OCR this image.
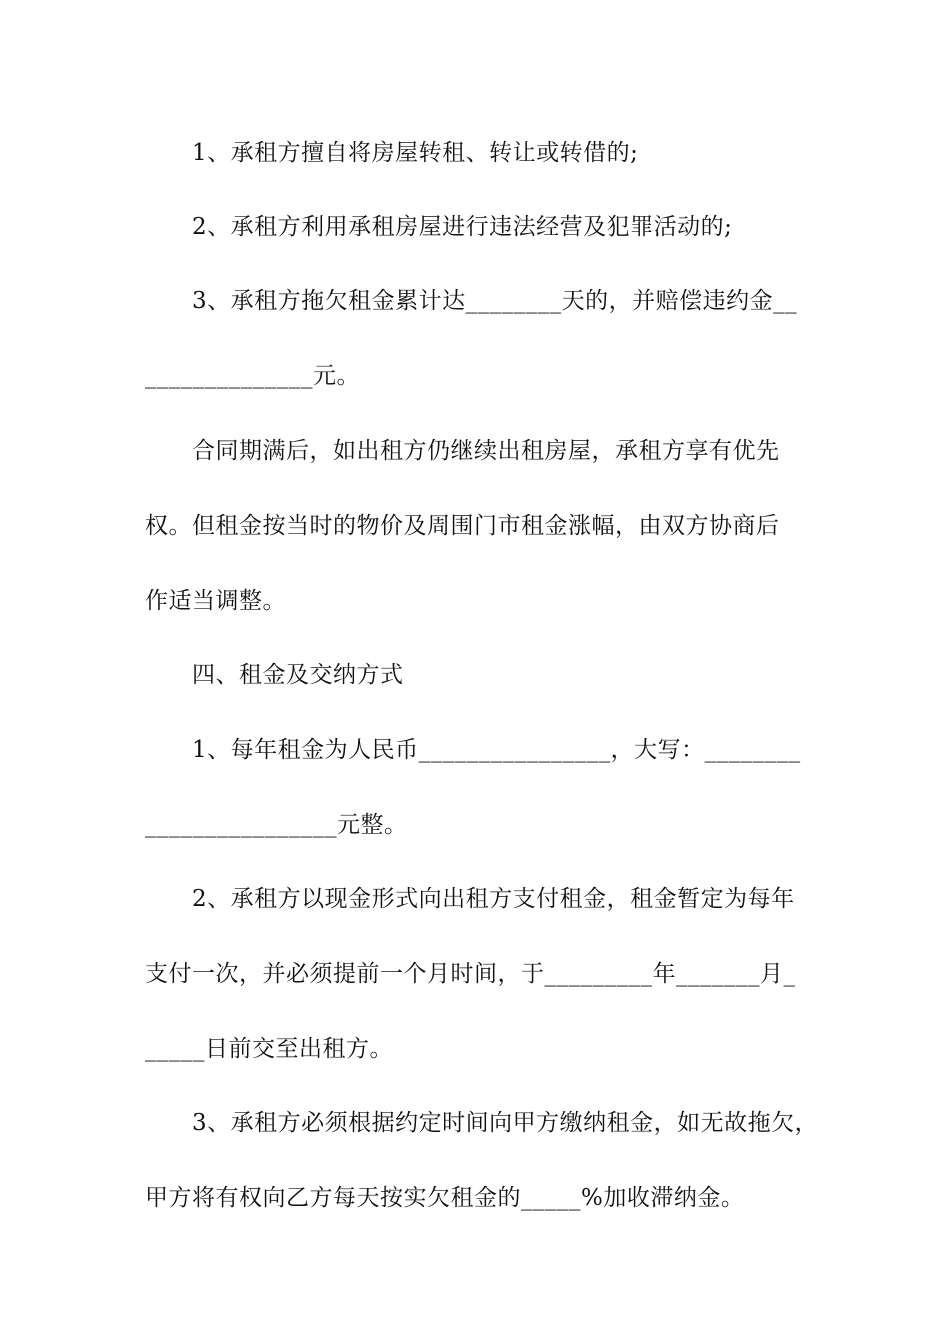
1、承租方擅自将房屋转租、转让或转借的;
2、承租方利用承租房屋进行违法经营及犯罪活动的;
3、承租方拖欠租金累计达________天的，并赔偿违约金__
______________元。
合同期满后，如出租方仍继续出租房屋，承租方享有优先
权。但租金按当时的物价及周围门市租金涨幅，由双方协商后
作适当调整。
四、租金及交纳方式
1、每年租金为人民币________________，大写：________
________________元整。
2、承租方以现金形式向出租方支付租金，租金暂定为每年
支付一次，并必须提前一个月时间，于_________年_______月_
_____日前交至出租方。
3、承租方必须根据约定时间向甲方缴纳租金，如无故拖欠，
甲方将有权向乙方每天按实欠租金的_____%加收滞纳金。
